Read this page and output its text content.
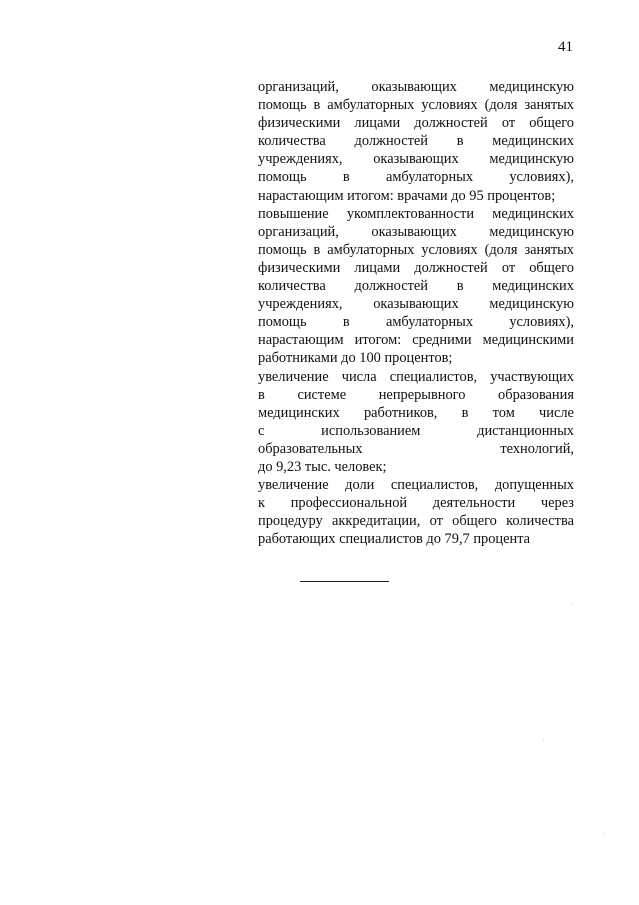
41
организаций, оказывающих медицинскую
помощь в амбулаторных условиях (доля занятых
физическими лицами должностей от общего
количества должностей в медицинских
учреждениях, оказывающих медицинскую
помощь	в	амбулаторных	условиях),
нарастающим итогом: врачами до 95 процентов;
повышение укомплектованности медицинских
организаций, оказывающих медицинскую
помощь в амбулаторных условиях (доля занятых
физическими лицами должностей от общего
количества должностей в медицинских
учреждениях, оказывающих медицинскую
помощь	в	амбулаторных	условиях),
нарастающим итогом: средними медицинскими
работниками до 100 процентов;
увеличение числа специалистов, участвующих
в системе непрерывного образования
медицинских работников, в том числе
с	использованием	дистанционных
образовательных	технологий,
до 9,23 тыс. человек;
увеличение доли специалистов, допущенных
к профессиональной деятельности через
процедуру аккредитации, от общего количества
работающих специалистов до 79,7 процента
